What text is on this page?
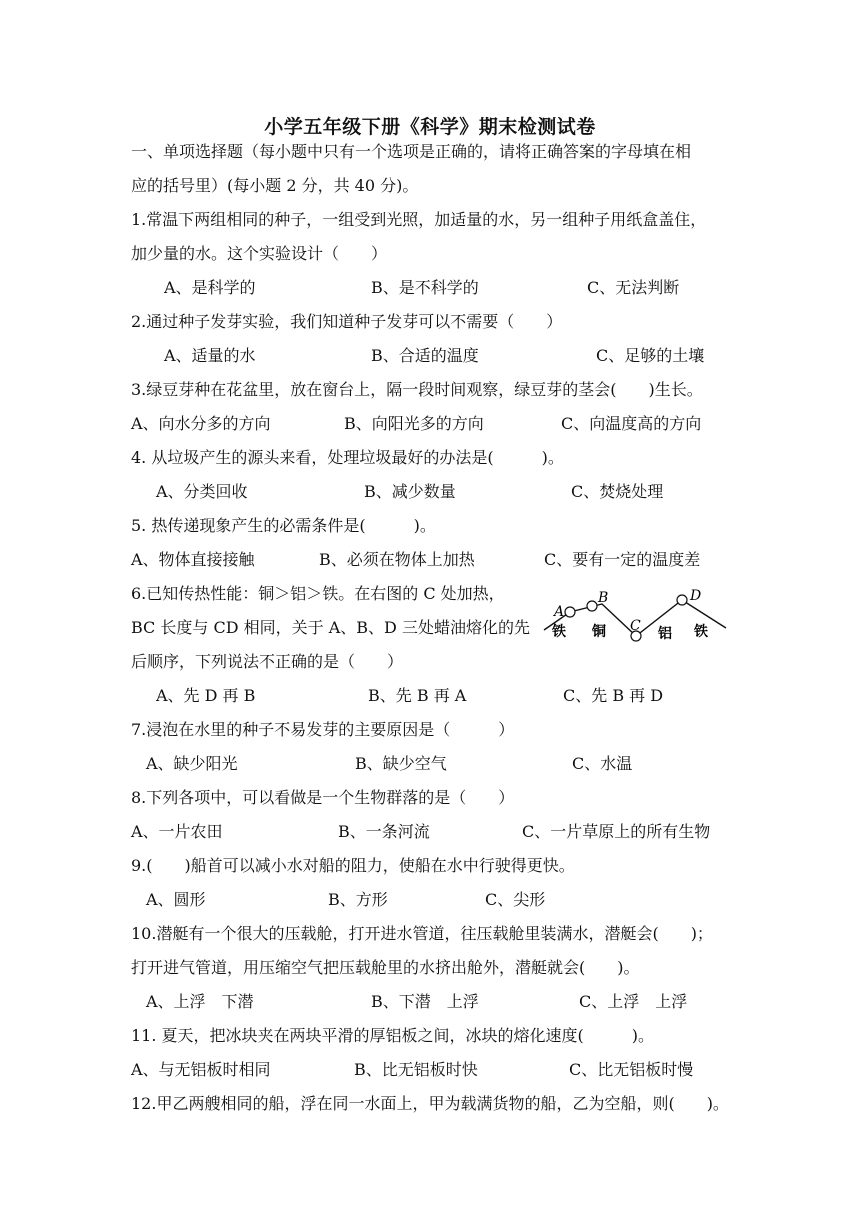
小学五年级下册《科学》期末检测试卷
一、单项选择题（每小题中只有一个选项是正确的，请将正确答案的字母填在相
应的括号里）(每小题 2 分，共 40 分)。
1.常温下两组相同的种子，一组受到光照，加适量的水，另一组种子用纸盒盖住，
加少量的水。这个实验设计（　　）
A、是科学的	B、是不科学的	C、无法判断
2.通过种子发芽实验，我们知道种子发芽可以不需要（　　）
A、适量的水	B、合适的温度	C、足够的土壤
3.绿豆芽种在花盆里，放在窗台上，隔一段时间观察，绿豆芽的茎会(　　)生长。
A、向水分多的方向	B、向阳光多的方向	C、向温度高的方向
4. 从垃圾产生的源头来看，处理垃圾最好的办法是(　　　)。
A、分类回收	B、减少数量	C、焚烧处理
5. 热传递现象产生的必需条件是(　　　)。
A、物体直接接触	B、必须在物体上加热	C、要有一定的温度差
6.已知传热性能：铜＞铝＞铁。在右图的 C 处加热，
BC 长度与 CD 相同，关于 A、B、D 三处蜡油熔化的先
后顺序，下列说法不正确的是（　　）
A
B
C
D
铁 铜	铝 铁
A、先 D 再 B	B、先 B 再 A	C、先 B 再 D
7.浸泡在水里的种子不易发芽的主要原因是（　　　）
A、缺少阳光	B、缺少空气	C、水温
8.下列各项中，可以看做是一个生物群落的是（　　）
A、一片农田	B、一条河流	C、一片草原上的所有生物
9.(　　)船首可以减小水对船的阻力，使船在水中行驶得更快。
A、圆形	B、方形	C、尖形
10.潜艇有一个很大的压载舱，打开进水管道，往压载舱里装满水，潜艇会(　　)；
打开进气管道，用压缩空气把压载舱里的水挤出舱外，潜艇就会(　　)。
A、上浮　下潜	B、下潜　上浮	C、上浮　上浮
11. 夏天，把冰块夹在两块平滑的厚铝板之间，冰块的熔化速度(　　　)。
A、与无铝板时相同	B、比无铝板时快	C、比无铝板时慢
12.甲乙两艘相同的船，浮在同一水面上，甲为载满货物的船，乙为空船，则(　　)。
